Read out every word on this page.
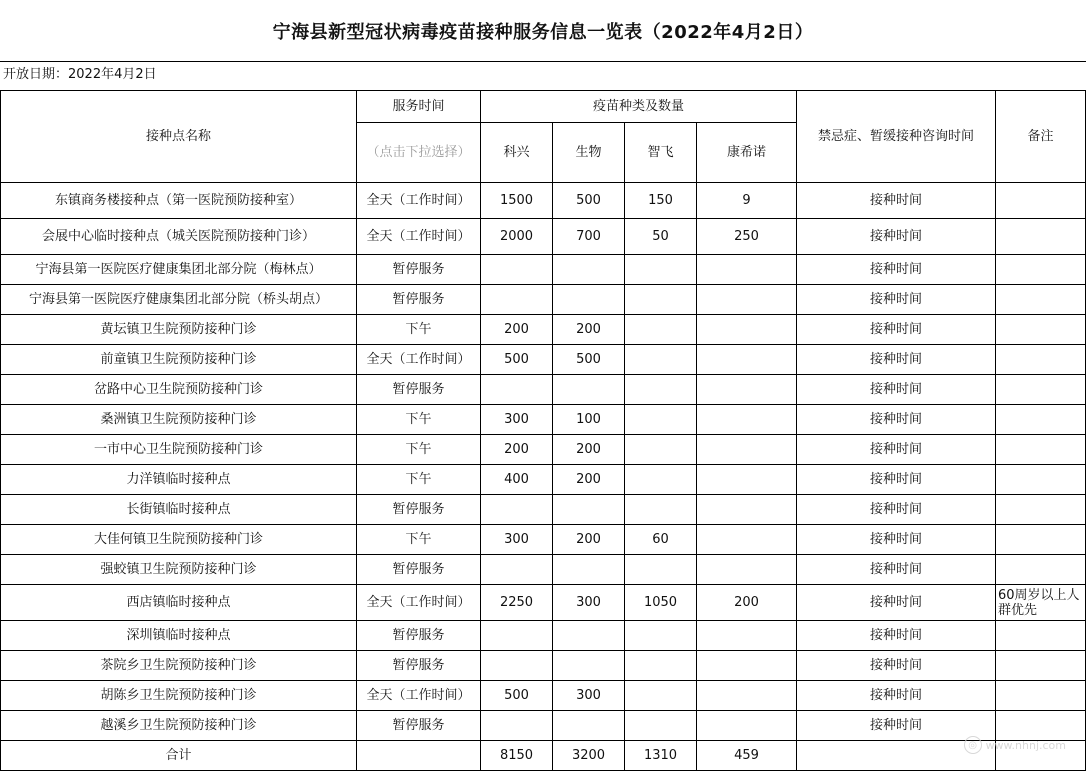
宁海县新型冠状病毒疫苗接种服务信息一览表（2022年4月2日）
开放日期：2022年4月2日
接种点名称	服务时间	疫苗种类及数量				禁忌症、暂缓接种咨询时间	备注
	（点击下拉选择）	科兴	生物	智飞	康希诺		
东镇商务楼接种点（第一医院预防接种室）	全天（工作时间）	1500	500	150	9	接种时间	
会展中心临时接种点（城关医院预防接种门诊）	全天（工作时间）	2000	700	50	250	接种时间	
宁海县第一医院医疗健康集团北部分院（梅林点）	暂停服务					接种时间	
宁海县第一医院医疗健康集团北部分院（桥头胡点）	暂停服务					接种时间	
黄坛镇卫生院预防接种门诊	下午	200	200			接种时间	
前童镇卫生院预防接种门诊	全天（工作时间）	500	500			接种时间	
岔路中心卫生院预防接种门诊	暂停服务					接种时间	
桑洲镇卫生院预防接种门诊	下午	300	100			接种时间	
一市中心卫生院预防接种门诊	下午	200	200			接种时间	
力洋镇临时接种点	下午	400	200			接种时间	
长街镇临时接种点	暂停服务					接种时间	
大佳何镇卫生院预防接种门诊	下午	300	200	60		接种时间	
强蛟镇卫生院预防接种门诊	暂停服务					接种时间	
西店镇临时接种点	全天（工作时间）	2250	300	1050	200	接种时间	60周岁以上人群优先
深圳镇临时接种点	暂停服务					接种时间	
茶院乡卫生院预防接种门诊	暂停服务					接种时间	
胡陈乡卫生院预防接种门诊	全天（工作时间）	500	300			接种时间	
越溪乡卫生院预防接种门诊	暂停服务					接种时间	
合计		8150	3200	1310	459		
◎ www.nhnj.com
